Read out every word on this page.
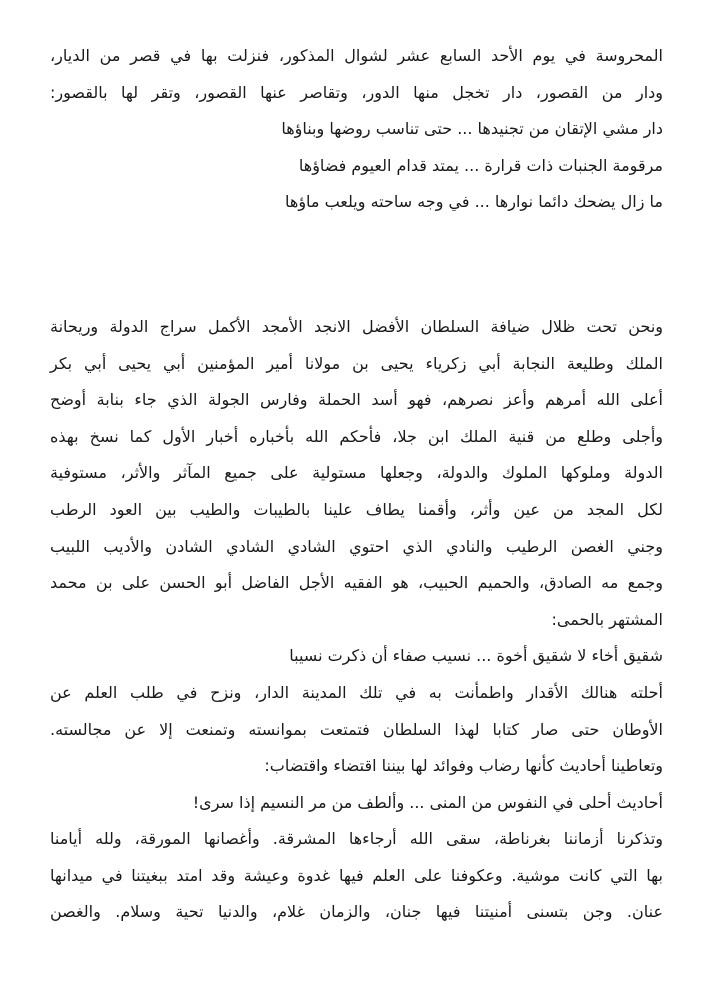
المحروسة في يوم الأحد السابع عشر لشوال المذكور، فنزلت بها في قصر من الديار،
ودار من القصور، دار تخجل منها الدور، وتقاصر عنها القصور، وتقر لها بالقصور:
دار مشي الإتقان من تجنيدها ... حتى تناسب روضها وبناؤها
مرقومة الجنبات ذات قرارة ... يمتد قدام العيوم فضاؤها
ما زال يضحك دائما نوارها ... في وجه ساحته ويلعب ماؤها
ونحن تحت ظلال ضيافة السلطان الأفضل الانجد الأمجد الأكمل سراج الدولة وريحانة
الملك وطليعة النجابة أبي زكرياء يحيى بن مولانا أمير المؤمنين أبي يحيى أبي بكر
أعلى الله أمرهم وأعز نصرهم، فهو أسد الحملة وفارس الجولة الذي جاء بنابة أوضح
وأجلى وطلع من قنية الملك ابن جلا، فأحكم الله بأخباره أخبار الأول كما نسخ بهذه
الدولة وملوكها الملوك والدولة، وجعلها مستولية على جميع المآثر والأثر، مستوفية
لكل المجد من عين وأثر، وأقمنا يطاف علينا بالطيبات والطيب بين العود الرطب
وجني الغصن الرطيب والنادي الذي احتوي الشادي الشادي الشادن والأديب اللبيب
وجمع مه الصادق، والحميم الحبيب، هو الفقيه الأجل الفاضل أبو الحسن على بن محمد
المشتهر بالحمى:
شقيق أخاء لا شقيق أخوة ... نسيب صفاء أن ذكرت نسيبا
أحلته هنالك الأقدار واطمأنت به في تلك المدينة الدار، ونزح في طلب العلم عن
الأوطان حتى صار كتابا لهذا السلطان فتمتعت بموانسته وتمنعت إلا عن مجالسته.
وتعاطينا أحاديث كأنها رضاب وفوائد لها بيننا اقتضاء واقتضاب:
أحاديث أحلى في النفوس من المنى ... وألطف من مر النسيم إذا سرى!
وتذكرنا أزماننا بغرناطة، سقى الله أرجاءها المشرقة. وأغصانها المورقة، ولله أيامنا
بها التي كانت موشية. وعكوفنا على العلم فيها غدوة وعيشة وقد امتد ببغيتنا في ميدانها
عنان. وجن بتسنى أمنيتنا فيها جنان، والزمان غلام، والدنيا تحية وسلام. والغصن
